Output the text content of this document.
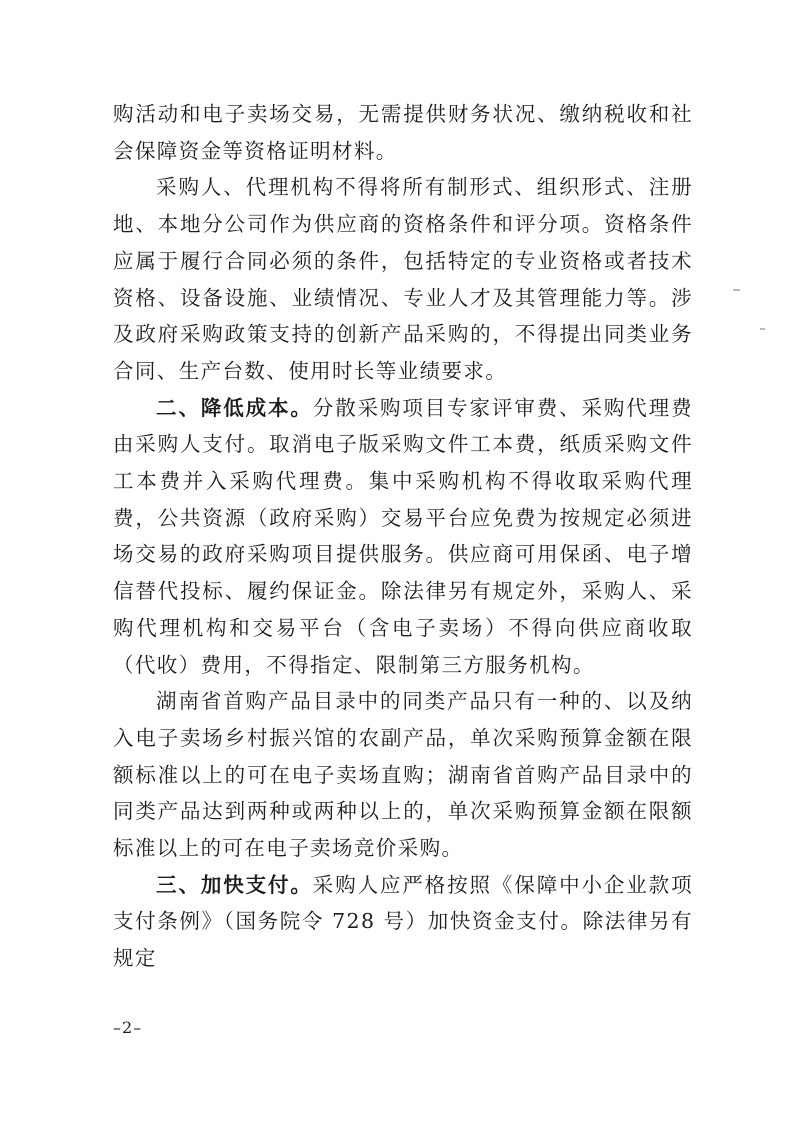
购活动和电子卖场交易，无需提供财务状况、缴纳税收和社会保障资金等资格证明材料。

采购人、代理机构不得将所有制形式、组织形式、注册地、本地分公司作为供应商的资格条件和评分项。资格条件应属于履行合同必须的条件，包括特定的专业资格或者技术资格、设备设施、业绩情况、专业人才及其管理能力等。涉及政府采购政策支持的创新产品采购的，不得提出同类业务合同、生产台数、使用时长等业绩要求。

二、降低成本。分散采购项目专家评审费、采购代理费由采购人支付。取消电子版采购文件工本费，纸质采购文件工本费并入采购代理费。集中采购机构不得收取采购代理费，公共资源（政府采购）交易平台应免费为按规定必须进场交易的政府采购项目提供服务。供应商可用保函、电子增信替代投标、履约保证金。除法律另有规定外，采购人、采购代理机构和交易平台（含电子卖场）不得向供应商收取（代收）费用，不得指定、限制第三方服务机构。

湖南省首购产品目录中的同类产品只有一种的、以及纳入电子卖场乡村振兴馆的农副产品，单次采购预算金额在限额标准以上的可在电子卖场直购；湖南省首购产品目录中的同类产品达到两种或两种以上的，单次采购预算金额在限额标准以上的可在电子卖场竞价采购。

三、加快支付。采购人应严格按照《保障中小企业款项支付条例》（国务院令 728 号）加快资金支付。除法律另有规定

–2–
